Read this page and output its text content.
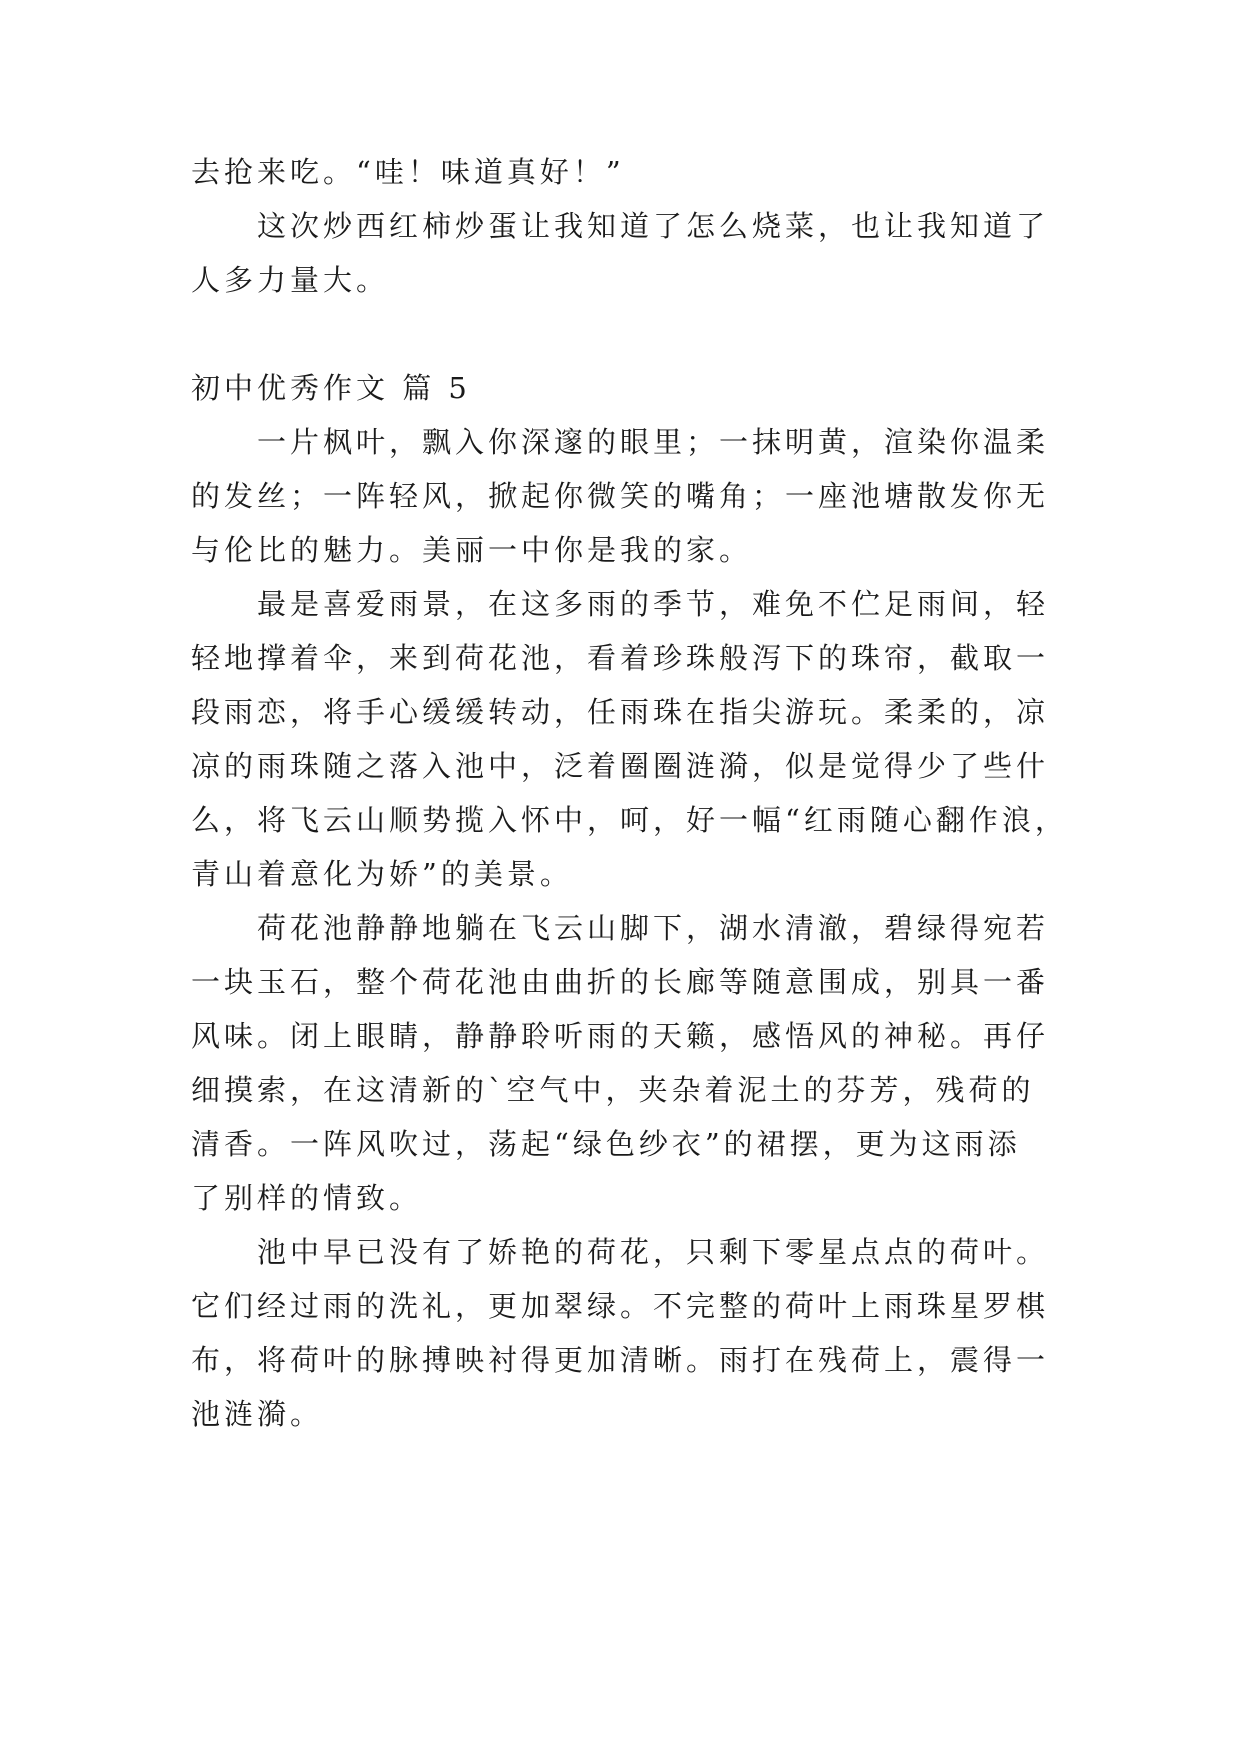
去抢来吃。“哇！味道真好！”
这次炒西红柿炒蛋让我知道了怎么烧菜，也让我知道了
人多力量大。
初中优秀作文 篇 5
一片枫叶，飘入你深邃的眼里；一抹明黄，渲染你温柔
的发丝；一阵轻风，掀起你微笑的嘴角；一座池塘散发你无
与伦比的魅力。美丽一中你是我的家。
最是喜爱雨景，在这多雨的季节，难免不伫足雨间，轻
轻地撑着伞，来到荷花池，看着珍珠般泻下的珠帘，截取一
段雨恋，将手心缓缓转动，任雨珠在指尖游玩。柔柔的，凉
凉的雨珠随之落入池中，泛着圈圈涟漪，似是觉得少了些什
么，将飞云山顺势揽入怀中，呵，好一幅“红雨随心翻作浪，
青山着意化为娇”的美景。
荷花池静静地躺在飞云山脚下，湖水清澈，碧绿得宛若
一块玉石，整个荷花池由曲折的长廊等随意围成，别具一番
风味。闭上眼睛，静静聆听雨的天籁，感悟风的神秘。再仔
细摸索，在这清新的`空气中，夹杂着泥土的芬芳，残荷的
清香。一阵风吹过，荡起“绿色纱衣”的裙摆，更为这雨添
了别样的情致。
池中早已没有了娇艳的荷花，只剩下零星点点的荷叶。
它们经过雨的洗礼，更加翠绿。不完整的荷叶上雨珠星罗棋
布，将荷叶的脉搏映衬得更加清晰。雨打在残荷上，震得一
池涟漪。
